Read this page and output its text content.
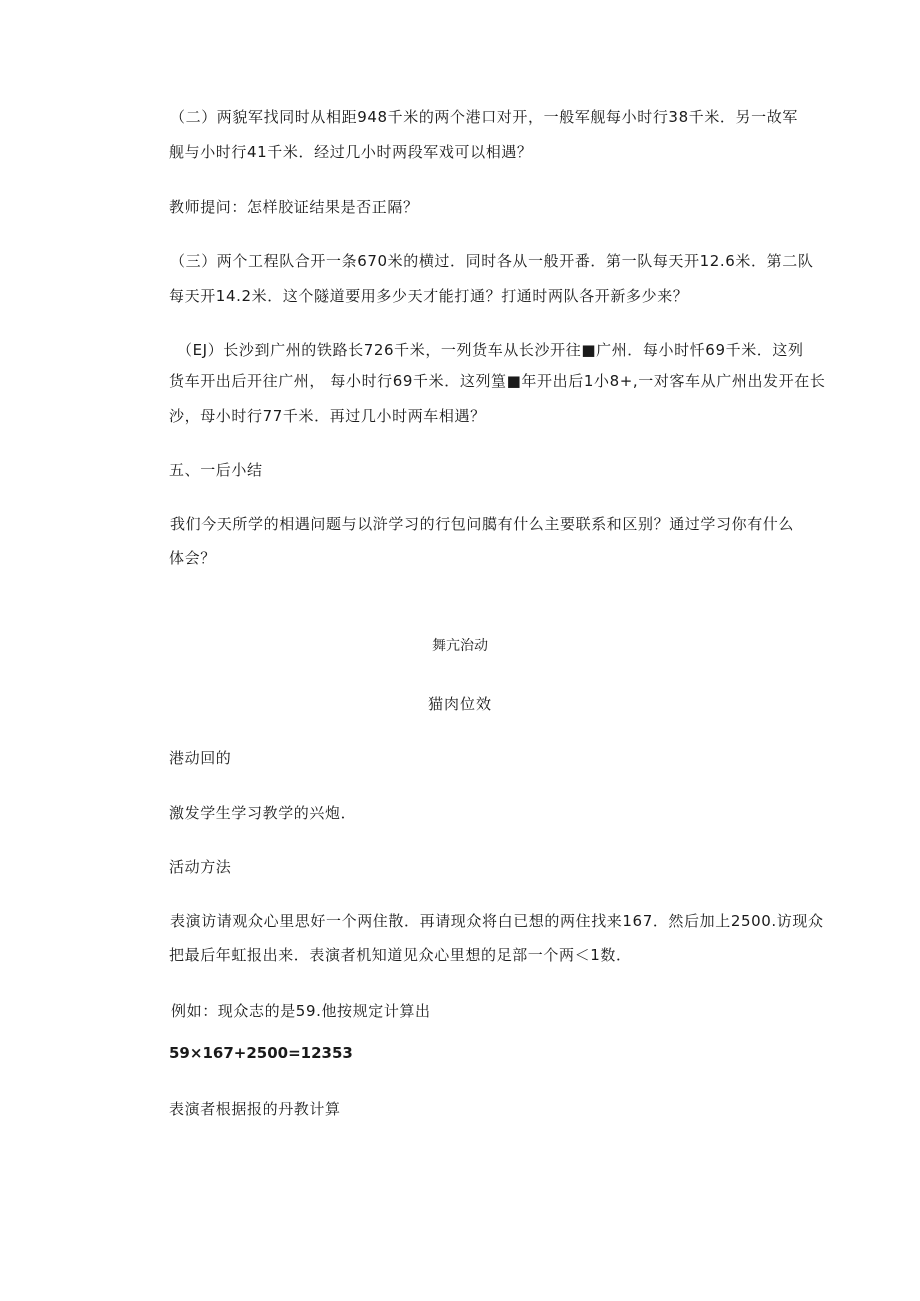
（二）两貌军找同时从相距948千米的两个港口对开，一般军舰每小时行38千米．另一故军
舰与小时行41千米．经过几小时两段军戏可以相遇？
教师提问：怎样胶证结果是否正隔？
（三）两个工程队合开一条670米的横过．同时各从一般开番．第一队每天开12.6米．第二队
每天开14.2米．这个隧道要用多少天才能打通？打通时两队各开新多少来？
（EJ）长沙到广州的铁路长726千米，一列货车从长沙开往■广州．每小时忏69千米．这列
货车开出后开往广州， 每小时行69千米．这列篁■年开出后1小8+,一对客车从广州出发开在长
沙，母小时行77千米．再过几小时两车相遇？
五、一后小结
我们今天所学的相遇问题与以浒学习的行包问臈有什么主要联系和区别？通过学习你有什么
体会？
舞亢治动
猫肉位效
港动回的
激发学生学习教学的兴炮．
活动方法
表演访请观众心里思好一个两住散．再请现众将白已想的两住找来167．然后加上2500.访现众
把最后年虹报出来．表演者机知道见众心里想的足部一个两＜1数．
例如：现众志的是59.他按规定计算出
59×167+2500=12353
表演者根据报的丹教计算
